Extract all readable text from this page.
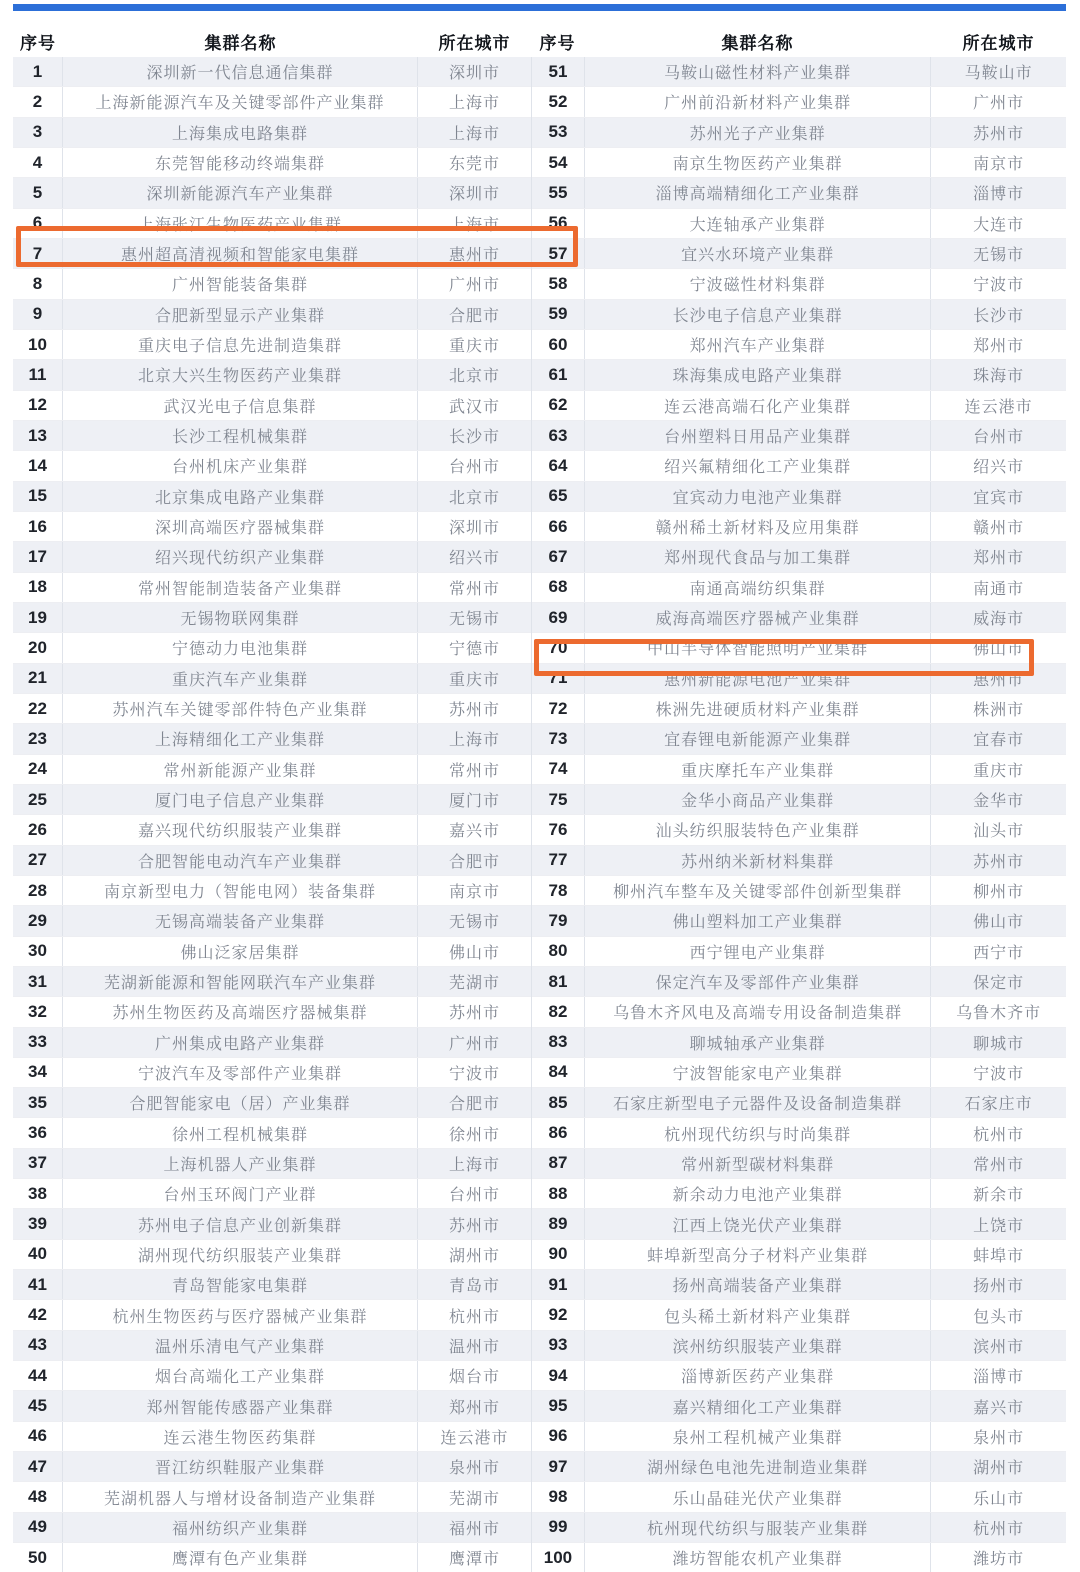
序号	集群名称	所在城市	序号	集群名称	所在城市
1	深圳新一代信息通信集群	深圳市
2	上海新能源汽车及关键零部件产业集群	上海市
3	上海集成电路集群	上海市
4	东莞智能移动终端集群	东莞市
5	深圳新能源汽车产业集群	深圳市
6	上海张江生物医药产业集群	上海市
7	惠州超高清视频和智能家电集群	惠州市
8	广州智能装备集群	广州市
9	合肥新型显示产业集群	合肥市
10	重庆电子信息先进制造集群	重庆市
11	北京大兴生物医药产业集群	北京市
12	武汉光电子信息集群	武汉市
13	长沙工程机械集群	长沙市
14	台州机床产业集群	台州市
15	北京集成电路产业集群	北京市
16	深圳高端医疗器械集群	深圳市
17	绍兴现代纺织产业集群	绍兴市
18	常州智能制造装备产业集群	常州市
19	无锡物联网集群	无锡市
20	宁德动力电池集群	宁德市
21	重庆汽车产业集群	重庆市
22	苏州汽车关键零部件特色产业集群	苏州市
23	上海精细化工产业集群	上海市
24	常州新能源产业集群	常州市
25	厦门电子信息产业集群	厦门市
26	嘉兴现代纺织服装产业集群	嘉兴市
27	合肥智能电动汽车产业集群	合肥市
28	南京新型电力（智能电网）装备集群	南京市
29	无锡高端装备产业集群	无锡市
30	佛山泛家居集群	佛山市
31	芜湖新能源和智能网联汽车产业集群	芜湖市
32	苏州生物医药及高端医疗器械集群	苏州市
33	广州集成电路产业集群	广州市
34	宁波汽车及零部件产业集群	宁波市
35	合肥智能家电（居）产业集群	合肥市
36	徐州工程机械集群	徐州市
37	上海机器人产业集群	上海市
38	台州玉环阀门产业群	台州市
39	苏州电子信息产业创新集群	苏州市
40	湖州现代纺织服装产业集群	湖州市
41	青岛智能家电集群	青岛市
42	杭州生物医药与医疗器械产业集群	杭州市
43	温州乐清电气产业集群	温州市
44	烟台高端化工产业集群	烟台市
45	郑州智能传感器产业集群	郑州市
46	连云港生物医药集群	连云港市
47	晋江纺织鞋服产业集群	泉州市
48	芜湖机器人与增材设备制造产业集群	芜湖市
49	福州纺织产业集群	福州市
50	鹰潭有色产业集群	鹰潭市
51	马鞍山磁性材料产业集群	马鞍山市
52	广州前沿新材料产业集群	广州市
53	苏州光子产业集群	苏州市
54	南京生物医药产业集群	南京市
55	淄博高端精细化工产业集群	淄博市
56	大连轴承产业集群	大连市
57	宜兴水环境产业集群	无锡市
58	宁波磁性材料集群	宁波市
59	长沙电子信息产业集群	长沙市
60	郑州汽车产业集群	郑州市
61	珠海集成电路产业集群	珠海市
62	连云港高端石化产业集群	连云港市
63	台州塑料日用品产业集群	台州市
64	绍兴氟精细化工产业集群	绍兴市
65	宜宾动力电池产业集群	宜宾市
66	赣州稀土新材料及应用集群	赣州市
67	郑州现代食品与加工集群	郑州市
68	南通高端纺织集群	南通市
69	威海高端医疗器械产业集群	威海市
70	中山半导体智能照明产业集群	佛山市
71	惠州新能源电池产业集群	惠州市
72	株洲先进硬质材料产业集群	株洲市
73	宜春锂电新能源产业集群	宜春市
74	重庆摩托车产业集群	重庆市
75	金华小商品产业集群	金华市
76	汕头纺织服装特色产业集群	汕头市
77	苏州纳米新材料集群	苏州市
78	柳州汽车整车及关键零部件创新型集群	柳州市
79	佛山塑料加工产业集群	佛山市
80	西宁锂电产业集群	西宁市
81	保定汽车及零部件产业集群	保定市
82	乌鲁木齐风电及高端专用设备制造集群	乌鲁木齐市
83	聊城轴承产业集群	聊城市
84	宁波智能家电产业集群	宁波市
85	石家庄新型电子元器件及设备制造集群	石家庄市
86	杭州现代纺织与时尚集群	杭州市
87	常州新型碳材料集群	常州市
88	新余动力电池产业集群	新余市
89	江西上饶光伏产业集群	上饶市
90	蚌埠新型高分子材料产业集群	蚌埠市
91	扬州高端装备产业集群	扬州市
92	包头稀土新材料产业集群	包头市
93	滨州纺织服装产业集群	滨州市
94	淄博新医药产业集群	淄博市
95	嘉兴精细化工产业集群	嘉兴市
96	泉州工程机械产业集群	泉州市
97	湖州绿色电池先进制造业集群	湖州市
98	乐山晶硅光伏产业集群	乐山市
99	杭州现代纺织与服装产业集群	杭州市
100	潍坊智能农机产业集群	潍坊市
